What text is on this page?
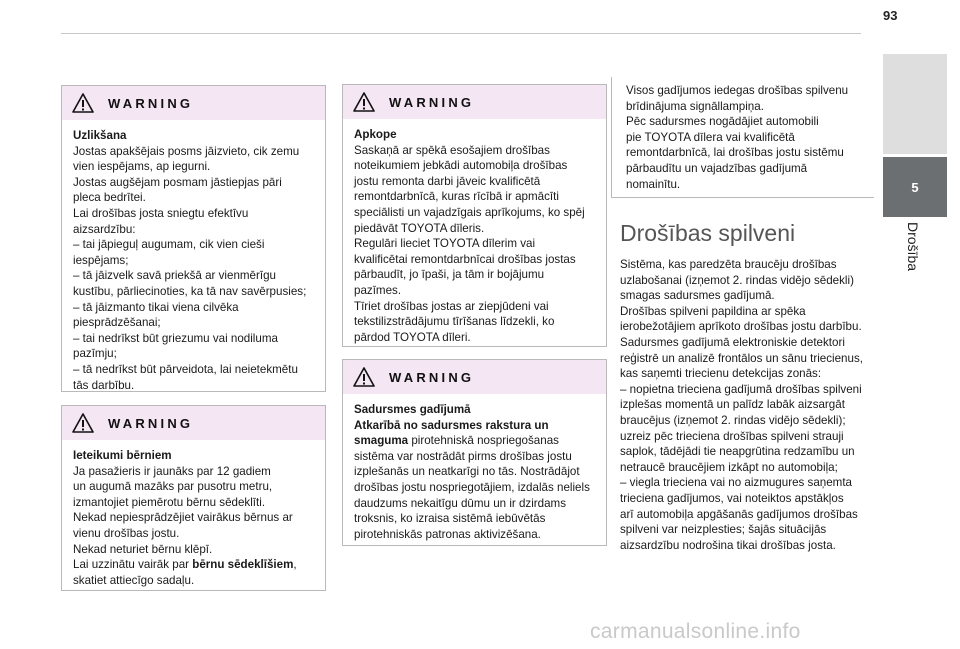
93
5
Drošība
WARNING
Uzlikšana
Jostas apakšējais posms jāizvieto, cik zemu
vien iespējams, ap iegurni.
Jostas augšējam posmam jāstiepjas pāri
pleca bedrītei.
Lai drošības josta sniegtu efektīvu
aizsardzību:
– tai jāpieguļ augumam, cik vien cieši
iespējams;
– tā jāizvelk savā priekšā ar vienmērīgu
kustību, pārliecinoties, ka tā nav savērpusies;
– tā jāizmanto tikai viena cilvēka
piesprādzēšanai;
– tai nedrīkst būt griezumu vai nodiluma
pazīmju;
– tā nedrīkst būt pārveidota, lai neietekmētu
tās darbību.
WARNING
Ieteikumi bērniem
Ja pasažieris ir jaunāks par 12 gadiem
un augumā mazāks par pusotru metru,
izmantojiet piemērotu bērnu sēdeklīti.
Nekad nepiesprādzējiet vairākus bērnus ar
vienu drošības jostu.
Nekad neturiet bērnu klēpī.
Lai uzzinātu vairāk par bērnu sēdeklīšiem,
skatiet attiecīgo sadaļu.
WARNING
Apkope
Saskaņā ar spēkā esošajiem drošības
noteikumiem jebkādi automobiļa drošības
jostu remonta darbi jāveic kvalificētā
remontdarbnīcā, kuras rīcībā ir apmācīti
speciālisti un vajadzīgais aprīkojums, ko spēj
piedāvāt TOYOTA dīleris.
Regulāri lieciet TOYOTA dīlerim vai
kvalificētai remontdarbnīcai drošības jostas
pārbaudīt, jo īpaši, ja tām ir bojājumu
pazīmes.
Tīriet drošības jostas ar ziepjūdeni vai
tekstilizstrādājumu tīrīšanas līdzekli, ko
pārdod TOYOTA dīleri.
WARNING
Sadursmes gadījumā
Atkarībā no sadursmes rakstura un
smaguma pirotehniskā nospriegošanas
sistēma var nostrādāt pirms drošības jostu
izplešanās un neatkarīgi no tās. Nostrādājot
drošības jostu nospriegotājiem, izdalās neliels
daudzums nekaitīgu dūmu un ir dzirdams
troksnis, ko izraisa sistēmā iebūvētās
pirotehniskās patronas aktivizēšana.

Visos gadījumos iedegas drošības spilvenu
brīdinājuma signāllampiņa.
Pēc sadursmes nogādājiet automobili
pie TOYOTA dīlera vai kvalificētā
remontdarbnīcā, lai drošības jostu sistēmu
pārbaudītu un vajadzības gadījumā
nomainītu.

Drošības spilveni

Sistēma, kas paredzēta braucēju drošības
uzlabošanai (izņemot 2. rindas vidējo sēdekli)
smagas sadursmes gadījumā.
Drošības spilveni papildina ar spēka
ierobežotājiem aprīkoto drošības jostu darbību.
Sadursmes gadījumā elektroniskie detektori
reģistrē un analizē frontālos un sānu triecienus,
kas saņemti triecienu detekcijas zonās:
– nopietna trieciena gadījumā drošības spilveni
izplešas momentā un palīdz labāk aizsargāt
braucējus (izņemot 2. rindas vidējo sēdekli);
uzreiz pēc trieciena drošības spilveni strauji
saplok, tādējādi tie neapgrūtina redzamību un
netraucē braucējiem izkāpt no automobiļa;
– viegla trieciena vai no aizmugures saņemta
trieciena gadījumos, vai noteiktos apstākļos
arī automobiļa apgāšanās gadījumos drošības
spilveni var neizplesties; šajās situācijās
aizsardzību nodrošina tikai drošības josta.

carmanualsonline.info
